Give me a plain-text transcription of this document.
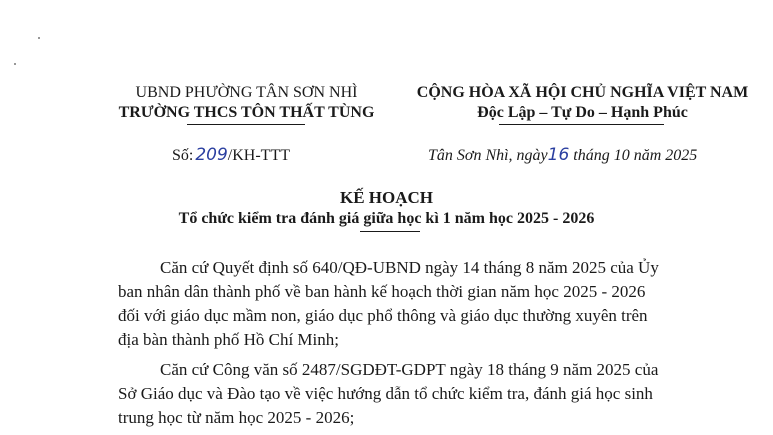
UBND PHƯỜNG TÂN SƠN NHÌ
TRƯỜNG THCS TÔN THẤT TÙNG
CỘNG HÒA XÃ HỘI CHỦ NGHĨA VIỆT NAM
Độc Lập – Tự Do – Hạnh Phúc
Số: 209/KH-TTT	Tân Sơn Nhì, ngày16 tháng 10 năm 2025
KẾ HOẠCH
Tổ chức kiểm tra đánh giá giữa học kì 1 năm học 2025 - 2026
Căn cứ Quyết định số 640/QĐ-UBND ngày 14 tháng 8 năm 2025 của Ủy
ban nhân dân thành phố về ban hành kế hoạch thời gian năm học 2025 - 2026
đối với giáo dục mầm non, giáo dục phổ thông và giáo dục thường xuyên trên
địa bàn thành phố Hồ Chí Minh;
Căn cứ Công văn số 2487/SGDĐT-GDPT ngày 18 tháng 9 năm 2025 của
Sở Giáo dục và Đào tạo về việc hướng dẫn tổ chức kiểm tra, đánh giá học sinh
trung học từ năm học 2025 - 2026;
